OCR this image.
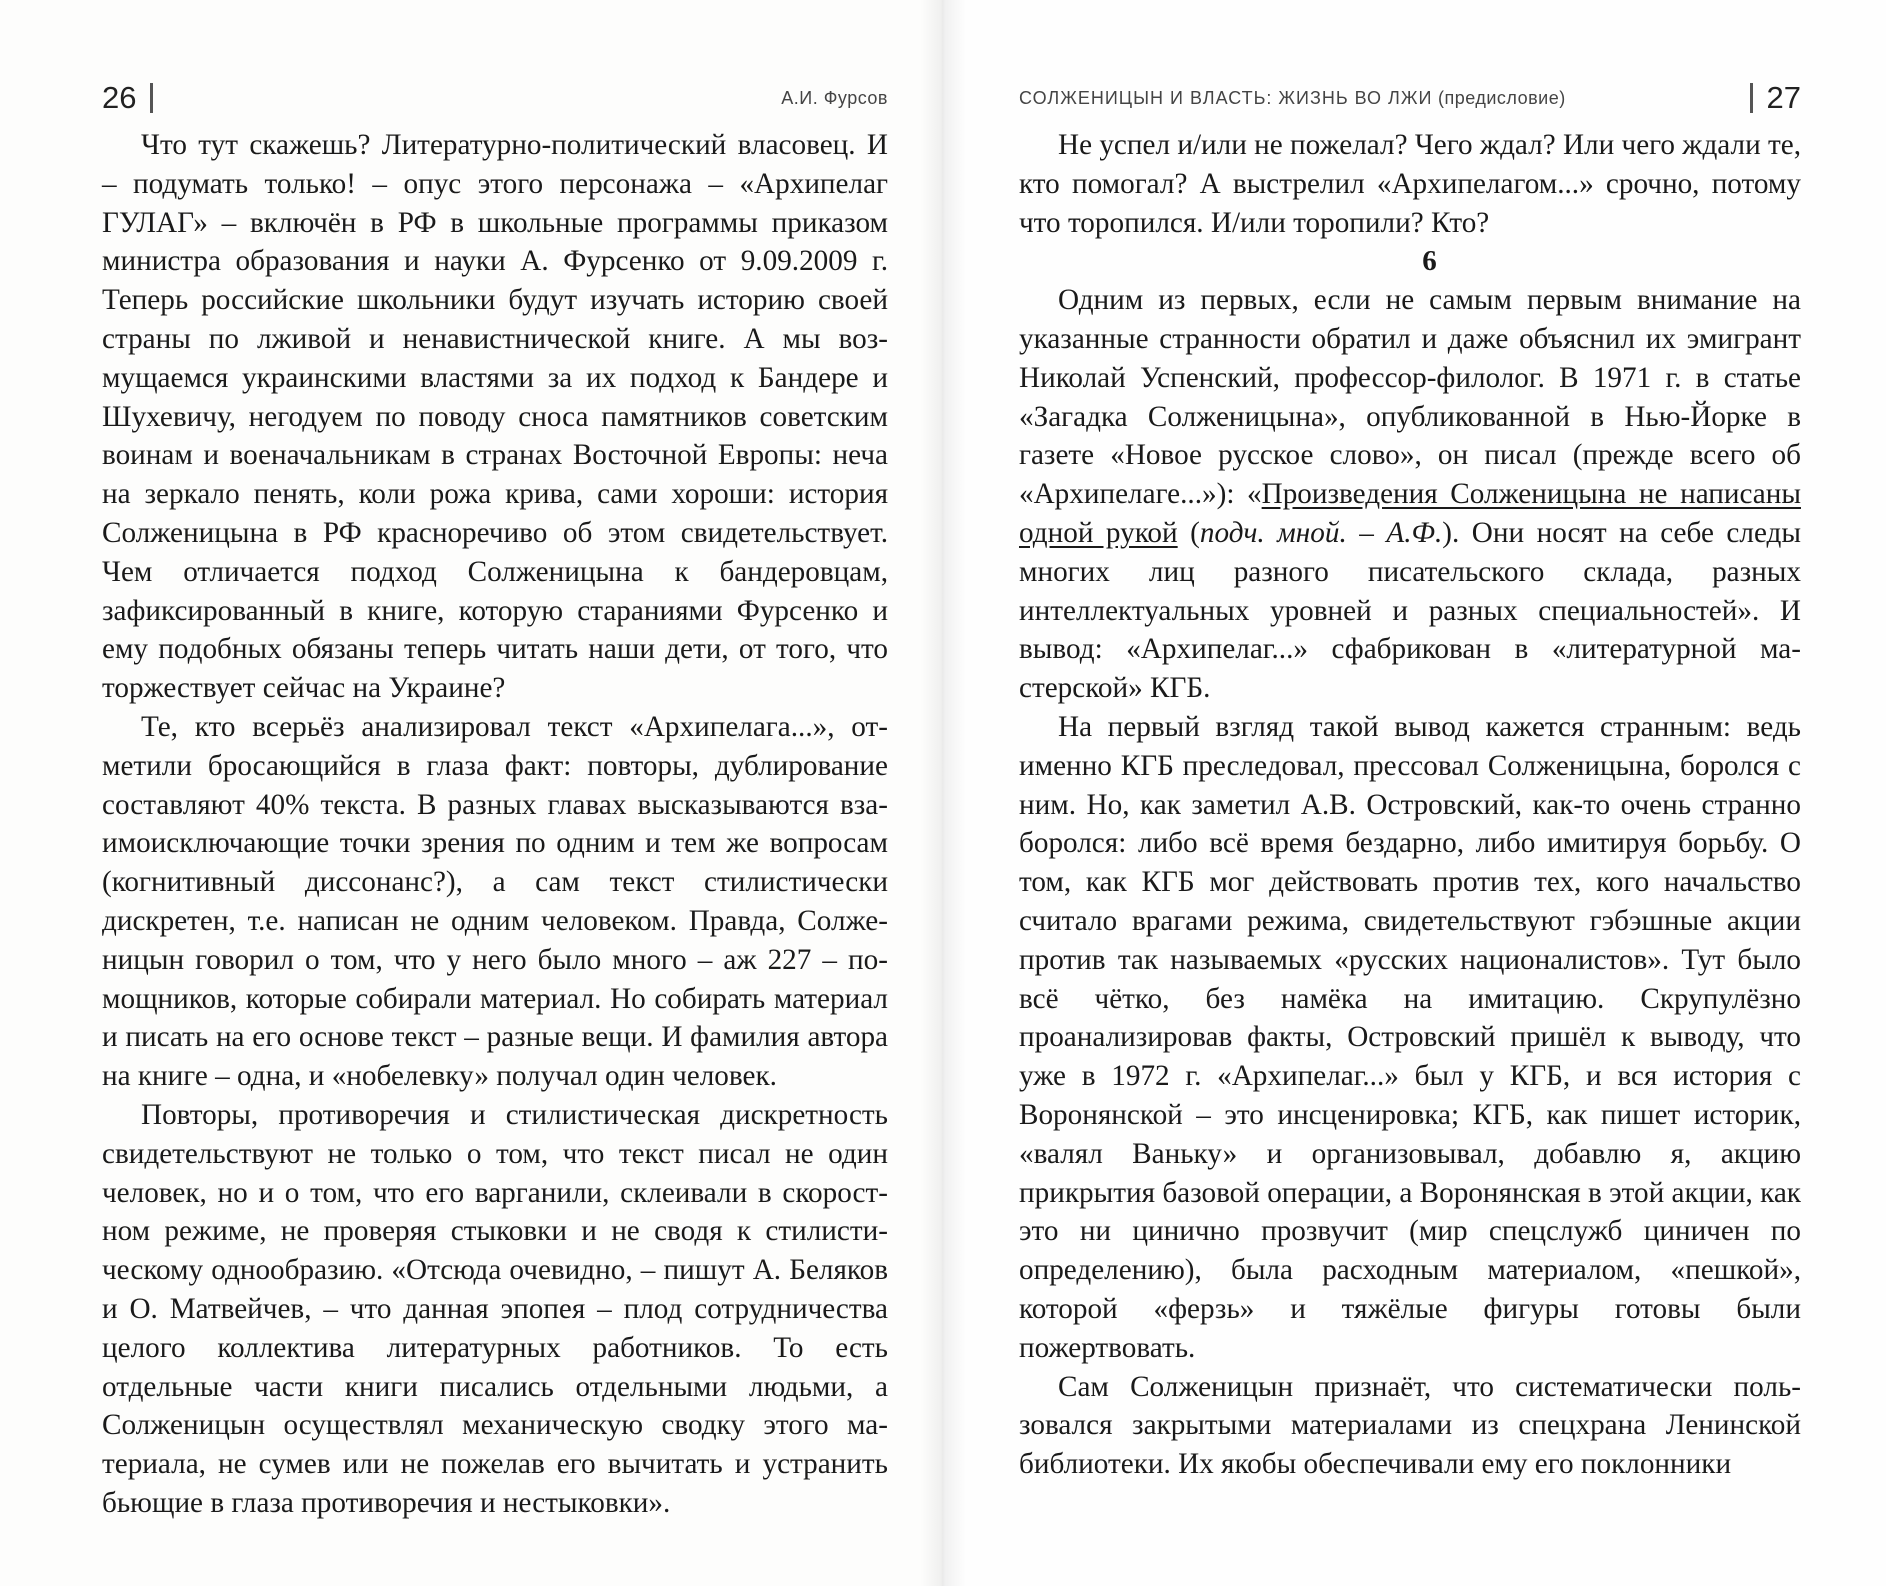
26	А.И. Фурсов

Что тут скажешь? Литературно-политический власовец. И – подумать только! – опус этого персонажа – «Архипелаг ГУЛАГ» – включён в РФ в школьные программы приказом министра образования и науки А. Фурсенко от 9.09.2009 г. Теперь российские школьники будут изучать историю своей страны по лживой и ненавистнической книге. А мы возмущаемся украинскими властями за их подход к Бандере и Шухевичу, негодуем по поводу сноса памятников советским воинам и военачальникам в странах Восточной Европы: неча на зеркало пенять, коли рожа крива, сами хороши: история Солженицына в РФ красноречиво об этом свидетельствует. Чем отличается подход Солженицына к бандеровцам, зафиксированный в книге, которую стараниями Фурсенко и ему подобных обязаны теперь читать наши дети, от того, что торжествует сейчас на Украине?

Те, кто всерьёз анализировал текст «Архипелага...», отметили бросающийся в глаза факт: повторы, дублирование составляют 40% текста. В разных главах высказываются взаимоисключающие точки зрения по одним и тем же вопросам (когнитивный диссонанс?), а сам текст стилистически дискретен, т.е. написан не одним человеком. Правда, Солженицын говорил о том, что у него было много – аж 227 – помощников, которые собирали материал. Но собирать материал и писать на его основе текст – разные вещи. И фамилия автора на книге – одна, и «нобелевку» получал один человек.

Повторы, противоречия и стилистическая дискретность свидетельствуют не только о том, что текст писал не один человек, но и о том, что его варганили, склеивали в скоростном режиме, не проверяя стыковки и не сводя к стилистическому однообразию. «Отсюда очевидно, – пишут А. Беляков и О. Матвейчев, – что данная эпопея – плод сотрудничества целого коллектива литературных работников. То есть отдельные части книги писались отдельными людьми, а Солженицын осуществлял механическую сводку этого материала, не сумев или не пожелав его вычитать и устранить бьющие в глаза противоречия и нестыковки».

СОЛЖЕНИЦЫН И ВЛАСТЬ: ЖИЗНЬ ВО ЛЖИ (предисловие)	27

Не успел и/или не пожелал? Чего ждал? Или чего ждали те, кто помогал? А выстрелил «Архипелагом...» срочно, потому что торопился. И/или торопили? Кто?

6

Одним из первых, если не самым первым внимание на указанные странности обратил и даже объяснил их эмигрант Николай Успенский, профессор-филолог. В 1971 г. в статье «Загадка Солженицына», опубликованной в Нью-Йорке в газете «Новое русское слово», он писал (прежде всего об «Архипелаге...»): «Произведения Солженицына не написаны одной рукой (подч. мной. – А.Ф.). Они носят на себе следы многих лиц разного писательского склада, разных интеллектуальных уровней и разных специальностей». И вывод: «Архипелаг...» сфабрикован в «литературной мастерской» КГБ.

На первый взгляд такой вывод кажется странным: ведь именно КГБ преследовал, прессовал Солженицына, боролся с ним. Но, как заметил А.В. Островский, как-то очень странно боролся: либо всё время бездарно, либо имитируя борьбу. О том, как КГБ мог действовать против тех, кого начальство считало врагами режима, свидетельствуют гэбэшные акции против так называемых «русских националистов». Тут было всё чётко, без намёка на имитацию. Скрупулёзно проанализировав факты, Островский пришёл к выводу, что уже в 1972 г. «Архипелаг...» был у КГБ, и вся история с Воронянской – это инсценировка; КГБ, как пишет историк, «валял Ваньку» и организовывал, добавлю я, акцию прикрытия базовой операции, а Воронянская в этой акции, как это ни цинично прозвучит (мир спецслужб циничен по определению), была расходным материалом, «пешкой», которой «ферзь» и тяжёлые фигуры готовы были пожертвовать.

Сам Солженицын признаёт, что систематически пользовался закрытыми материалами из спецхрана Ленинской библиотеки. Их якобы обеспечивали ему его поклонники
